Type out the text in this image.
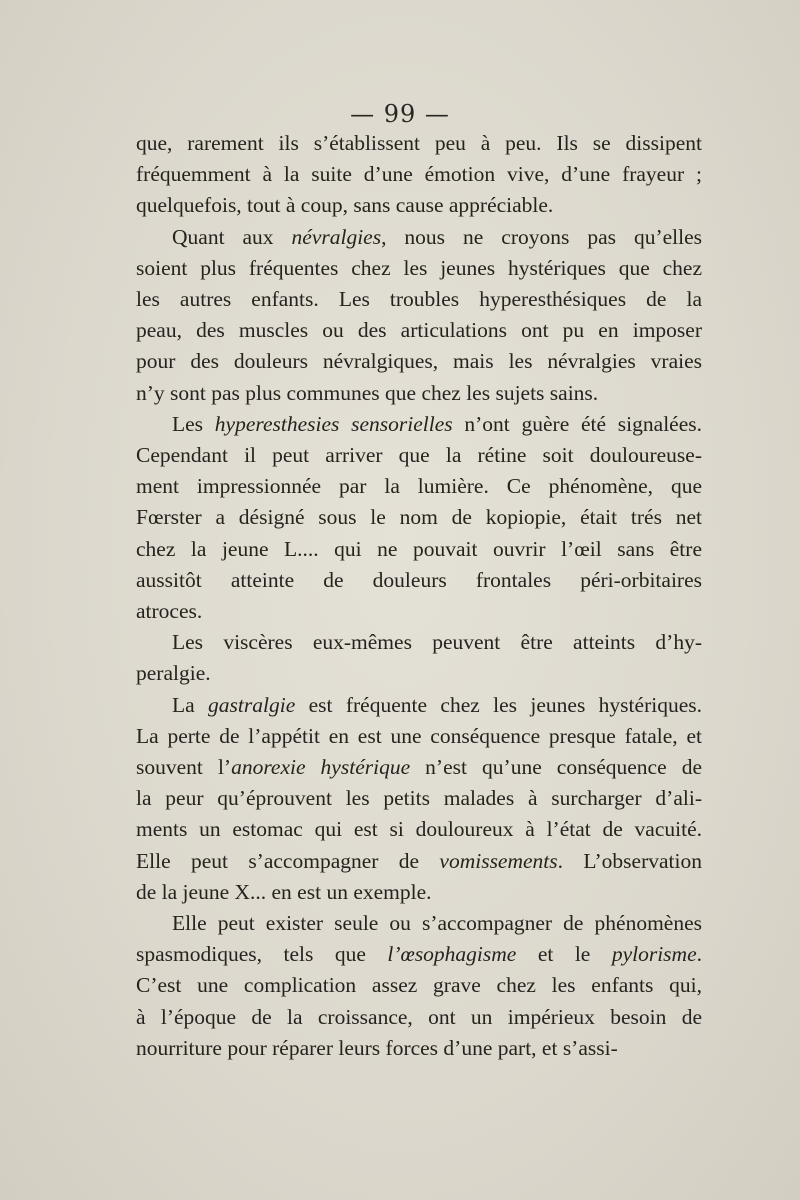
— 99 —
que, rarement ils s’établissent peu à peu. Ils se dissipent
fréquemment à la suite d’une émotion vive, d’une frayeur ;
quelquefois, tout à coup, sans cause appréciable.
Quant aux névralgies, nous ne croyons pas qu’elles
soient plus fréquentes chez les jeunes hystériques que chez
les autres enfants. Les troubles hyperesthésiques de la
peau, des muscles ou des articulations ont pu en imposer
pour des douleurs névralgiques, mais les névralgies vraies
n’y sont pas plus communes que chez les sujets sains.
Les hyperesthesies sensorielles n’ont guère été signalées.
Cependant il peut arriver que la rétine soit douloureuse-
ment impressionnée par la lumière. Ce phénomène, que
Fœrster a désigné sous le nom de kopiopie, était trés net
chez la jeune L.... qui ne pouvait ouvrir l’œil sans être
aussitôt atteinte de douleurs frontales péri-orbitaires
atroces.
Les viscères eux-mêmes peuvent être atteints d’hy-
peralgie.
La gastralgie est fréquente chez les jeunes hystériques.
La perte de l’appétit en est une conséquence presque fatale, et
souvent l’anorexie hystérique n’est qu’une conséquence de
la peur qu’éprouvent les petits malades à surcharger d’ali-
ments un estomac qui est si douloureux à l’état de vacuité.
Elle peut s’accompagner de vomissements. L’observation
de la jeune X... en est un exemple.
Elle peut exister seule ou s’accompagner de phénomènes
spasmodiques, tels que l’œsophagisme et le pylorisme.
C’est une complication assez grave chez les enfants qui,
à l’époque de la croissance, ont un impérieux besoin de
nourriture pour réparer leurs forces d’une part, et s’assi-
